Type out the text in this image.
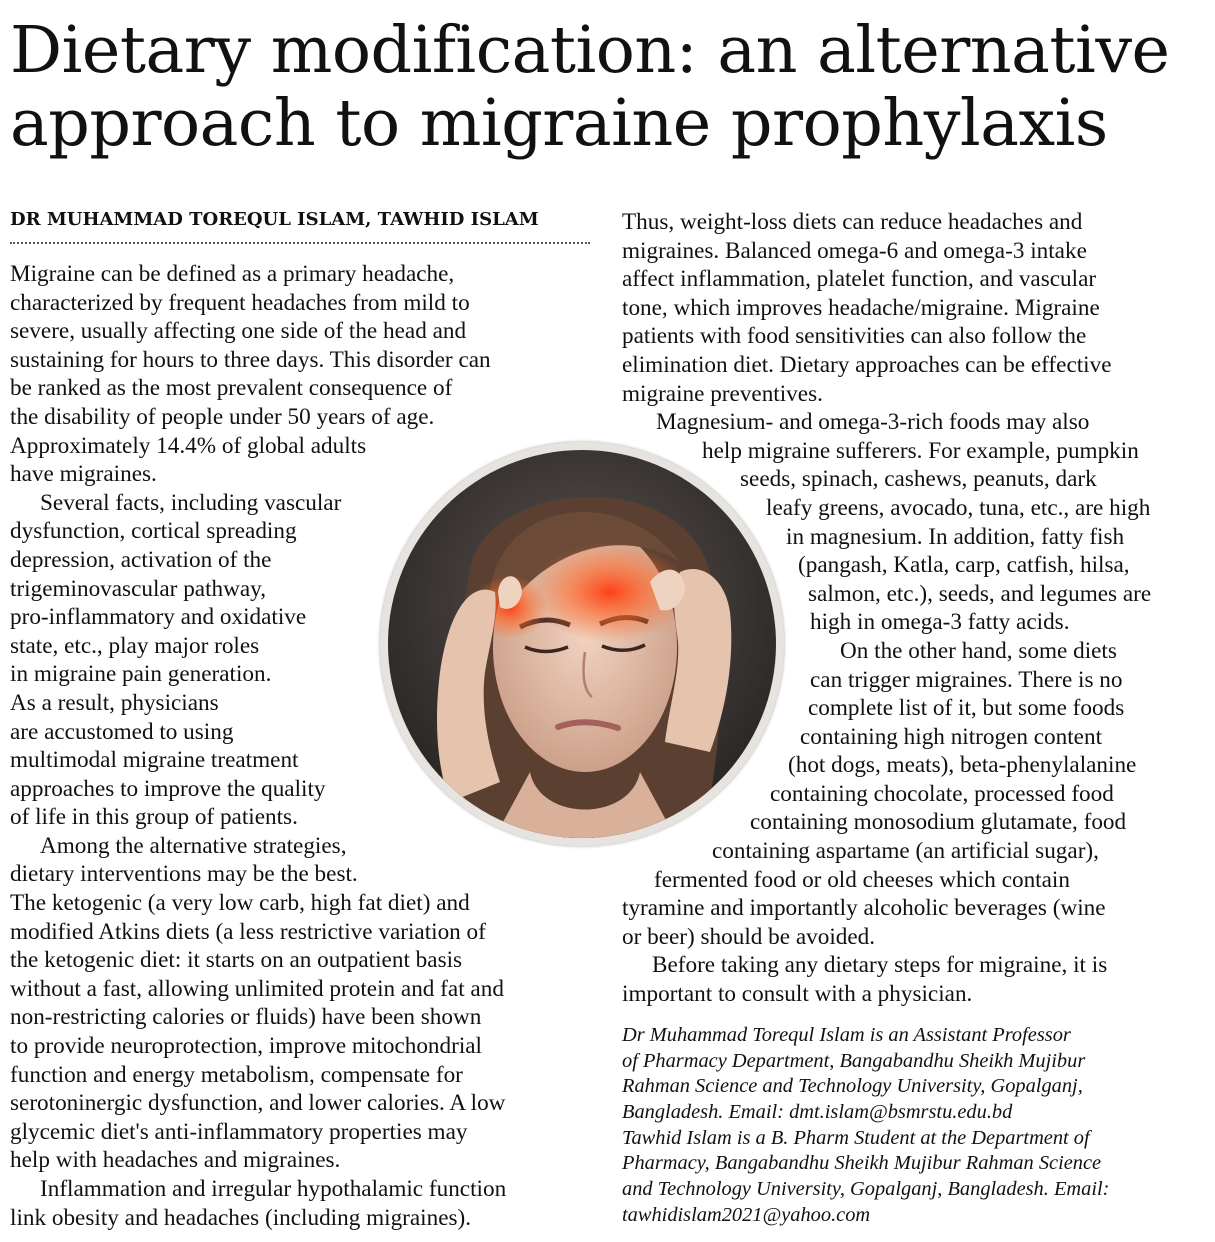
Dietary modification: an alternative
approach to migraine prophylaxis
DR MUHAMMAD TOREQUL ISLAM, TAWHID ISLAM
Migraine can be defined as a primary headache,
characterized by frequent headaches from mild to
severe, usually affecting one side of the head and
sustaining for hours to three days. This disorder can
be ranked as the most prevalent consequence of
the disability of people under 50 years of age.
Approximately 14.4% of global adults
have migraines.
Several facts, including vascular
dysfunction, cortical spreading
depression, activation of the
trigeminovascular pathway,
pro-inflammatory and oxidative
state, etc., play major roles
in migraine pain generation.
As a result, physicians
are accustomed to using
multimodal migraine treatment
approaches to improve the quality
of life in this group of patients.
Among the alternative strategies,
dietary interventions may be the best.
The ketogenic (a very low carb, high fat diet) and
modified Atkins diets (a less restrictive variation of
the ketogenic diet: it starts on an outpatient basis
without a fast, allowing unlimited protein and fat and
non-restricting calories or fluids) have been shown
to provide neuroprotection, improve mitochondrial
function and energy metabolism, compensate for
serotoninergic dysfunction, and lower calories. A low
glycemic diet's anti-inflammatory properties may
help with headaches and migraines.
Inflammation and irregular hypothalamic function
link obesity and headaches (including migraines).
Thus, weight-loss diets can reduce headaches and
migraines. Balanced omega-6 and omega-3 intake
affect inflammation, platelet function, and vascular
tone, which improves headache/migraine. Migraine
patients with food sensitivities can also follow the
elimination diet. Dietary approaches can be effective
migraine preventives.
Magnesium- and omega-3-rich foods may also
help migraine sufferers. For example, pumpkin
seeds, spinach, cashews, peanuts, dark
leafy greens, avocado, tuna, etc., are high
in magnesium. In addition, fatty fish
(pangash, Katla, carp, catfish, hilsa,
salmon, etc.), seeds, and legumes are
high in omega-3 fatty acids.
On the other hand, some diets
can trigger migraines. There is no
complete list of it, but some foods
containing high nitrogen content
(hot dogs, meats), beta-phenylalanine
containing chocolate, processed food
containing monosodium glutamate, food
containing aspartame (an artificial sugar),
fermented food or old cheeses which contain
tyramine and importantly alcoholic beverages (wine
or beer) should be avoided.
Before taking any dietary steps for migraine, it is
important to consult with a physician.
Dr Muhammad Torequl Islam is an Assistant Professor
of Pharmacy Department, Bangabandhu Sheikh Mujibur
Rahman Science and Technology University, Gopalganj,
Bangladesh. Email: dmt.islam@bsmrstu.edu.bd
Tawhid Islam is a B. Pharm Student at the Department of
Pharmacy, Bangabandhu Sheikh Mujibur Rahman Science
and Technology University, Gopalganj, Bangladesh. Email:
tawhidislam2021@yahoo.com
